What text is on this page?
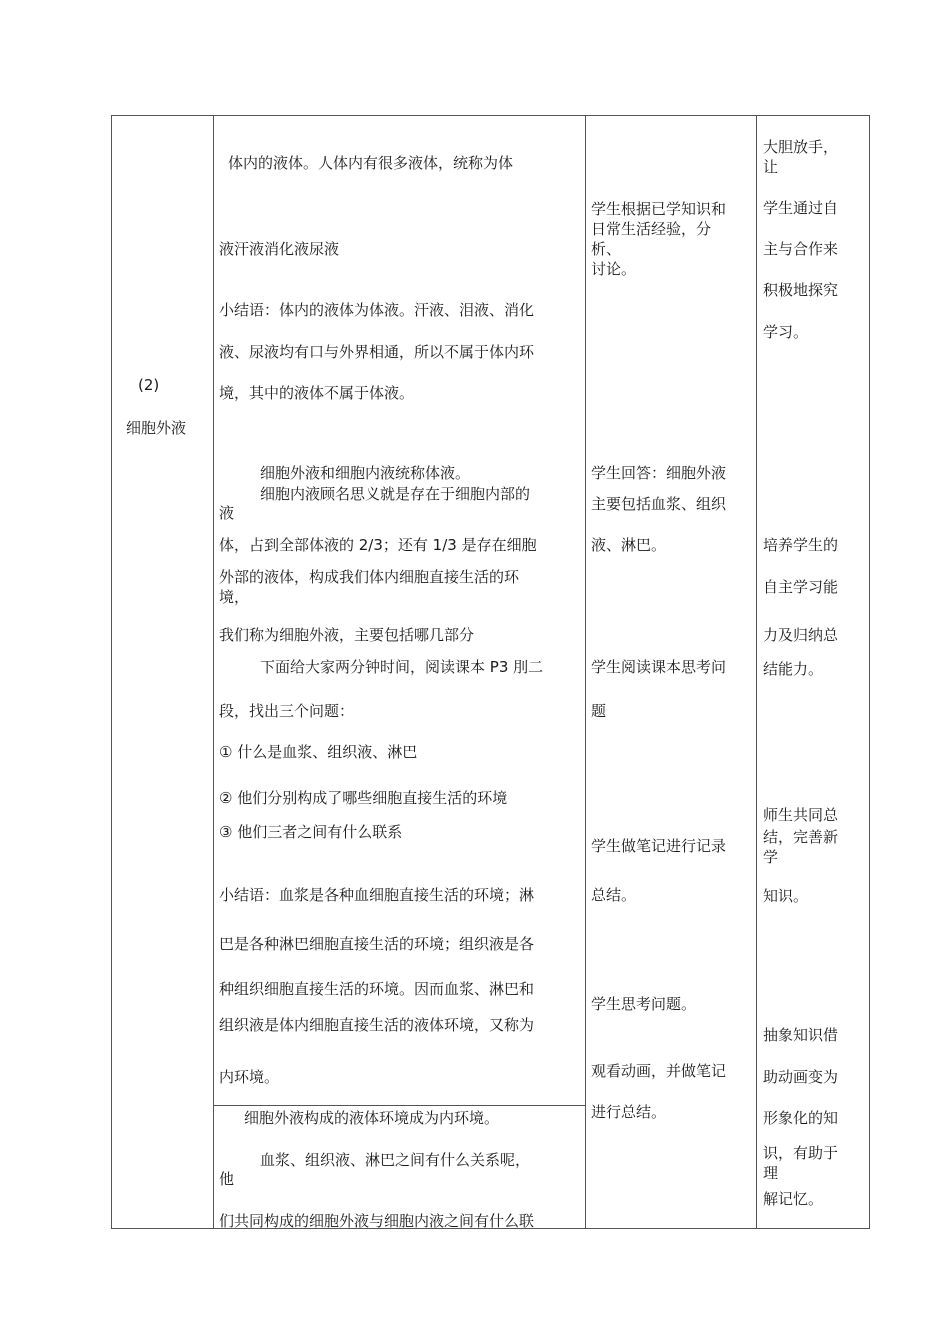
(2)
细胞外液
体内的液体。人体内有很多液体，统称为体
液汗液消化液尿液
小结语：体内的液体为体液。汗液、泪液、消化
液、尿液均有口与外界相通，所以不属于体内环
境，其中的液体不属于体液。
细胞外液和细胞内液统称体液。
细胞内液顾名思义就是存在于细胞内部的
液
体，占到全部体液的 2/3；还有 1/3 是存在细胞
外部的液体，构成我们体内细胞直接生活的环
境，
我们称为细胞外液，主要包括哪几部分
下面给大家两分钟时间，阅读课本 P3 刖二
段，找出三个问题：
① 什么是血浆、组织液、淋巴
② 他们分别构成了哪些细胞直接生活的环境
③ 他们三者之间有什么联系
小结语：血浆是各种血细胞直接生活的环境；淋
巴是各种淋巴细胞直接生活的环境；组织液是各
种组织细胞直接生活的环境。因而血浆、淋巴和
组织液是体内细胞直接生活的液体环境，又称为
内环境。
细胞外液构成的液体环境成为内环境。
血浆、组织液、淋巴之间有什么关系呢，
他
们共同构成的细胞外液与细胞内液之间有什么联
学生根据已学知识和
日常生活经验，分
析、
讨论。
学生回答：细胞外液
主要包括血浆、组织
液、淋巴。
学生阅读课本思考问
题
学生做笔记进行记录
总结。
学生思考问题。
观看动画，并做笔记
进行总结。
大胆放手，
让
学生通过自
主与合作来
积极地探究
学习。
培养学生的
自主学习能
力及归纳总
结能力。
师生共同总
结，完善新
学
知识。
抽象知识借
助动画变为
形象化的知
识，有助于
理
解记忆。
